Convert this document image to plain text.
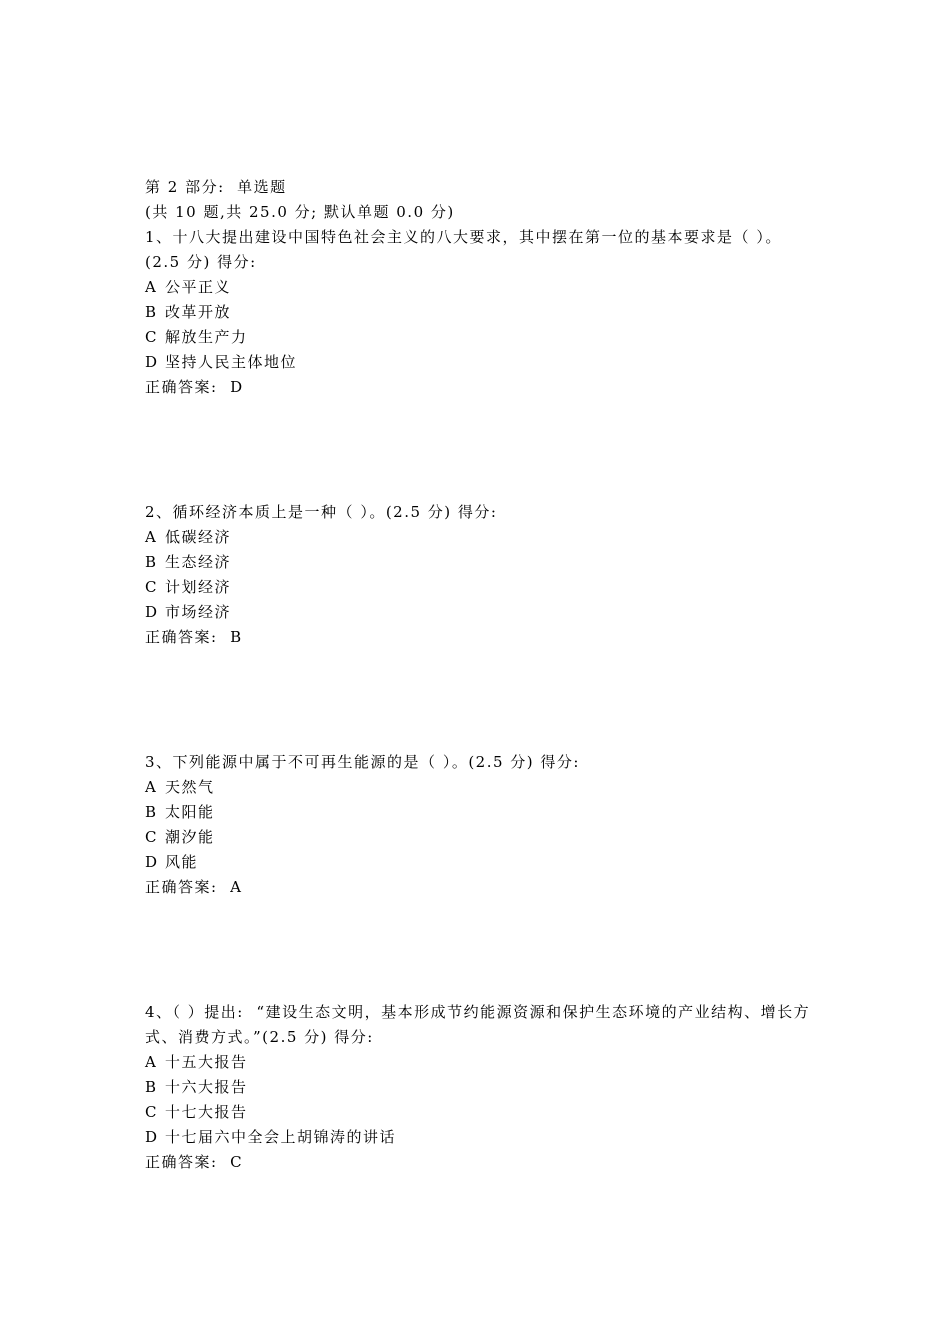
第 2 部分:  单选题
(共 10 题,共 25.0 分; 默认单题 0.0 分)
1、十八大提出建设中国特色社会主义的八大要求，其中摆在第一位的基本要求是（ ）。(2.5 分) 得分:
A 公平正义
B 改革开放
C 解放生产力
D 坚持人民主体地位
正确答案:  D
2、循环经济本质上是一种（ ）。(2.5 分) 得分:
A 低碳经济
B 生态经济
C 计划经济
D 市场经济
正确答案:  B
3、下列能源中属于不可再生能源的是（ ）。(2.5 分) 得分:
A 天然气
B 太阳能
C 潮汐能
D 风能
正确答案:  A
4、（ ）提出:  “建设生态文明，基本形成节约能源资源和保护生态环境的产业结构、增长方式、消费方式。”(2.5 分) 得分:
A 十五大报告
B 十六大报告
C 十七大报告
D 十七届六中全会上胡锦涛的讲话
正确答案:  C
